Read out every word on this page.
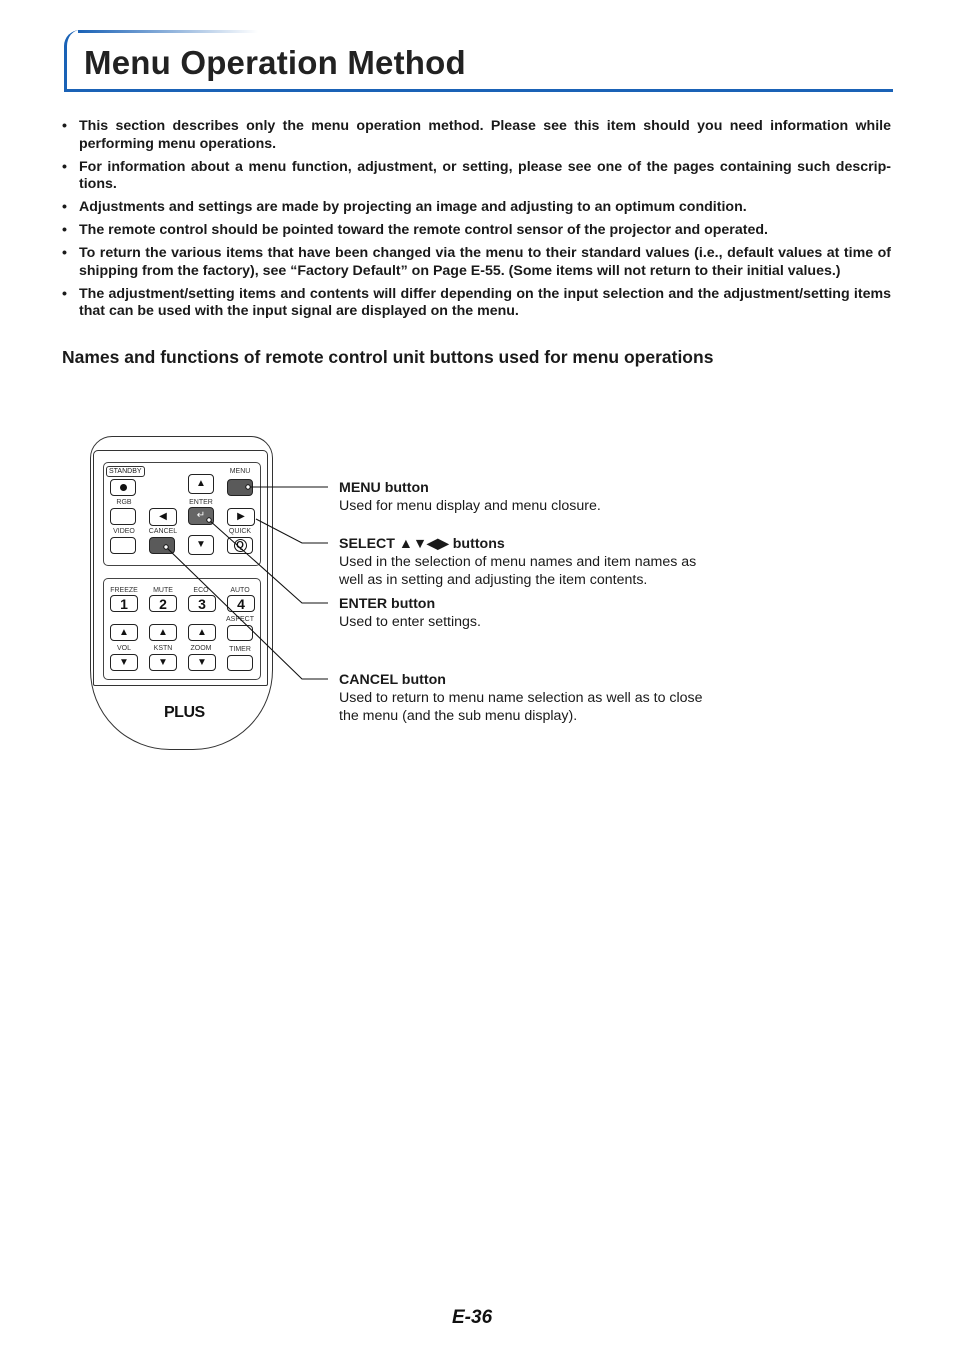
Menu Operation Method
• This section describes only the menu operation method. Please see this item should you need information while performing menu operations.
• For information about a menu function, adjustment, or setting, please see one of the pages containing such descrip-tions.
• Adjustments and settings are made by projecting an image and adjusting to an optimum condition.
• The remote control should be pointed toward the remote control sensor of the projector and operated.
• To return the various items that have been changed via the menu to their standard values (i.e., default values at time of shipping from the factory), see “Factory Default” on Page E-55. (Some items will not return to their initial values.)
• The adjustment/setting items and contents will differ depending on the input selection and the adjustment/setting items that can be used with the input signal are displayed on the menu.
Names and functions of remote control unit buttons used for menu operations
STANDBY	MENU
▲
RGB	ENTER
◀	↵	▶
VIDEO	CANCEL	QUICK
▼	Q
FREEZE	MUTE	ECO	AUTO
1 2 3 4
ASPECT
▲	▲	▲
VOL	KSTN	ZOOM	TIMER
▼	▼	▼
PLUS
MENU button
Used for menu display and menu closure.
SELECT ▲▼◀▶ buttons
Used in the selection of menu names and item names as well as in setting and adjusting the item contents.
ENTER button
Used to enter settings.
CANCEL button
Used to return to menu name selection as well as to close the menu (and the sub menu display).
E-36
